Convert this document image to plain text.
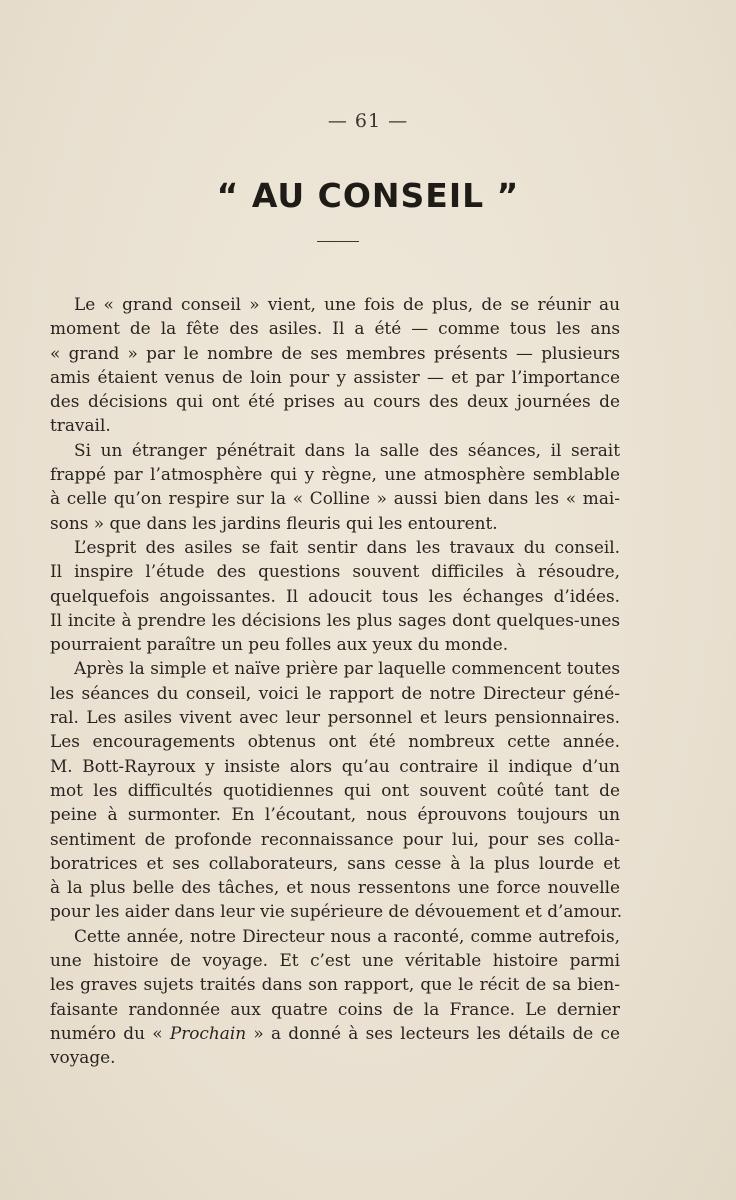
— 61 —
“ AU CONSEIL ”
Le « grand conseil » vient, une fois de plus, de se réunir au
moment de la fête des asiles. Il a été — comme tous les ans
« grand » par le nombre de ses membres présents — plusieurs
amis étaient venus de loin pour y assister — et par l’importance
des décisions qui ont été prises au cours des deux journées de
travail.
Si un étranger pénétrait dans la salle des séances, il serait
frappé par l’atmosphère qui y règne, une atmosphère semblable
à celle qu’on respire sur la « Colline » aussi bien dans les « mai-
sons » que dans les jardins fleuris qui les entourent.
L’esprit des asiles se fait sentir dans les travaux du conseil.
Il inspire l’étude des questions souvent difficiles à résoudre,
quelquefois angoissantes. Il adoucit tous les échanges d’idées.
Il incite à prendre les décisions les plus sages dont quelques-unes
pourraient paraître un peu folles aux yeux du monde.
Après la simple et naïve prière par laquelle commencent toutes
les séances du conseil, voici le rapport de notre Directeur géné-
ral. Les asiles vivent avec leur personnel et leurs pensionnaires.
Les encouragements obtenus ont été nombreux cette année.
M. Bott-Rayroux y insiste alors qu’au contraire il indique d’un
mot les difficultés quotidiennes qui ont souvent coûté tant de
peine à surmonter. En l’écoutant, nous éprouvons toujours un
sentiment de profonde reconnaissance pour lui, pour ses colla-
boratrices et ses collaborateurs, sans cesse à la plus lourde et
à la plus belle des tâches, et nous ressentons une force nouvelle
pour les aider dans leur vie supérieure de dévouement et d’amour.
Cette année, notre Directeur nous a raconté, comme autrefois,
une histoire de voyage. Et c’est une véritable histoire parmi
les graves sujets traités dans son rapport, que le récit de sa bien-
faisante randonnée aux quatre coins de la France. Le dernier
numéro du « Prochain » a donné à ses lecteurs les détails de ce
voyage.
